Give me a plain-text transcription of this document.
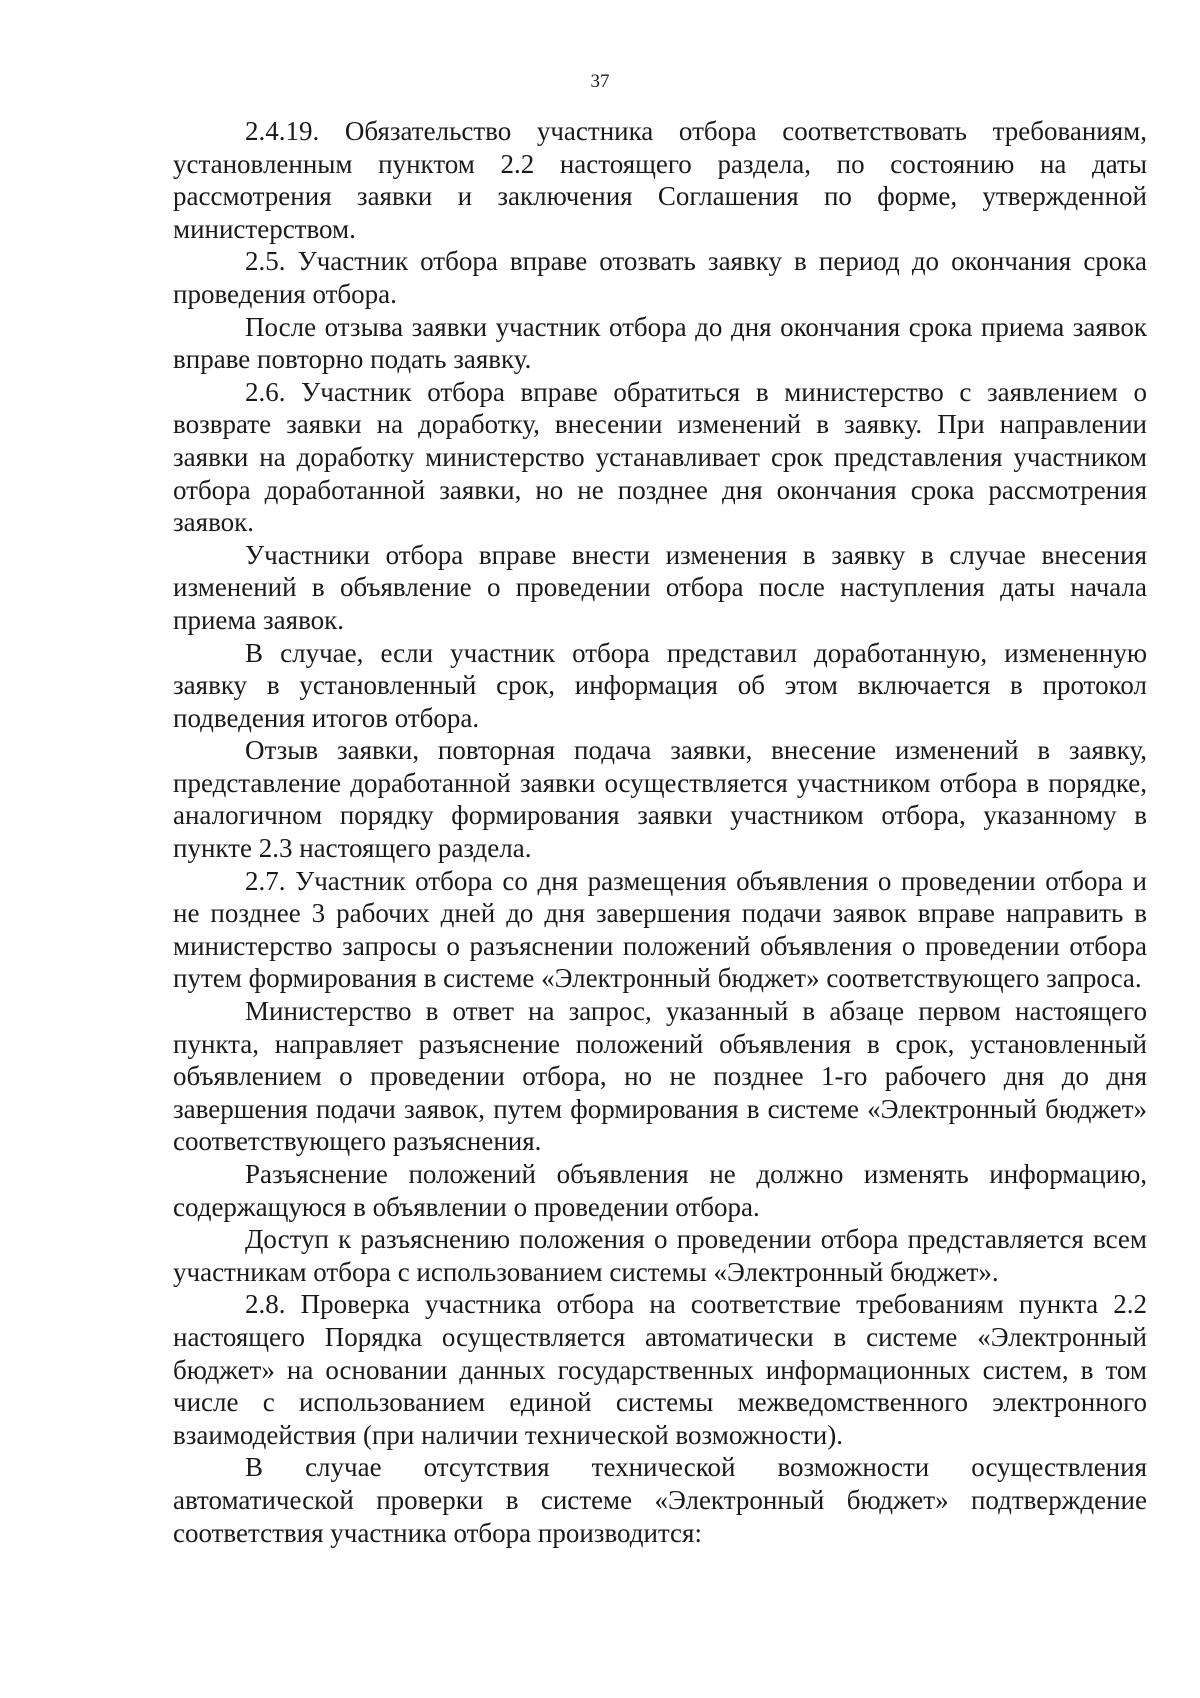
37

2.4.19. Обязательство участника отбора соответствовать требованиям, установленным пунктом 2.2 настоящего раздела, по состоянию на даты рассмотрения заявки и заключения Соглашения по форме, утвержденной министерством.

2.5. Участник отбора вправе отозвать заявку в период до окончания срока проведения отбора.

После отзыва заявки участник отбора до дня окончания срока приема заявок вправе повторно подать заявку.

2.6. Участник отбора вправе обратиться в министерство с заявлением о возврате заявки на доработку, внесении изменений в заявку. При направлении заявки на доработку министерство устанавливает срок представления участником отбора доработанной заявки, но не позднее дня окончания срока рассмотрения заявок.

Участники отбора вправе внести изменения в заявку в случае внесения изменений в объявление о проведении отбора после наступления даты начала приема заявок.

В случае, если участник отбора представил доработанную, измененную заявку в установленный срок, информация об этом включается в протокол подведения итогов отбора.

Отзыв заявки, повторная подача заявки, внесение изменений в заявку, представление доработанной заявки осуществляется участником отбора в порядке, аналогичном порядку формирования заявки участником отбора, указанному в пункте 2.3 настоящего раздела.

2.7. Участник отбора со дня размещения объявления о проведении отбора и не позднее 3 рабочих дней до дня завершения подачи заявок вправе направить в министерство запросы о разъяснении положений объявления о проведении отбора путем формирования в системе «Электронный бюджет» соответствующего запроса.

Министерство в ответ на запрос, указанный в абзаце первом настоящего пункта, направляет разъяснение положений объявления в срок, установленный объявлением о проведении отбора, но не позднее 1-го рабочего дня до дня завершения подачи заявок, путем формирования в системе «Электронный бюджет» соответствующего разъяснения.

Разъяснение положений объявления не должно изменять информацию, содержащуюся в объявлении о проведении отбора.

Доступ к разъяснению положения о проведении отбора представляется всем участникам отбора с использованием системы «Электронный бюджет».

2.8. Проверка участника отбора на соответствие требованиям пункта 2.2 настоящего Порядка осуществляется автоматически в системе «Электронный бюджет» на основании данных государственных информационных систем, в том числе с использованием единой системы межведомственного электронного взаимодействия (при наличии технической возможности).

В случае отсутствия технической возможности осуществления автоматической проверки в системе «Электронный бюджет» подтверждение соответствия участника отбора производится:
